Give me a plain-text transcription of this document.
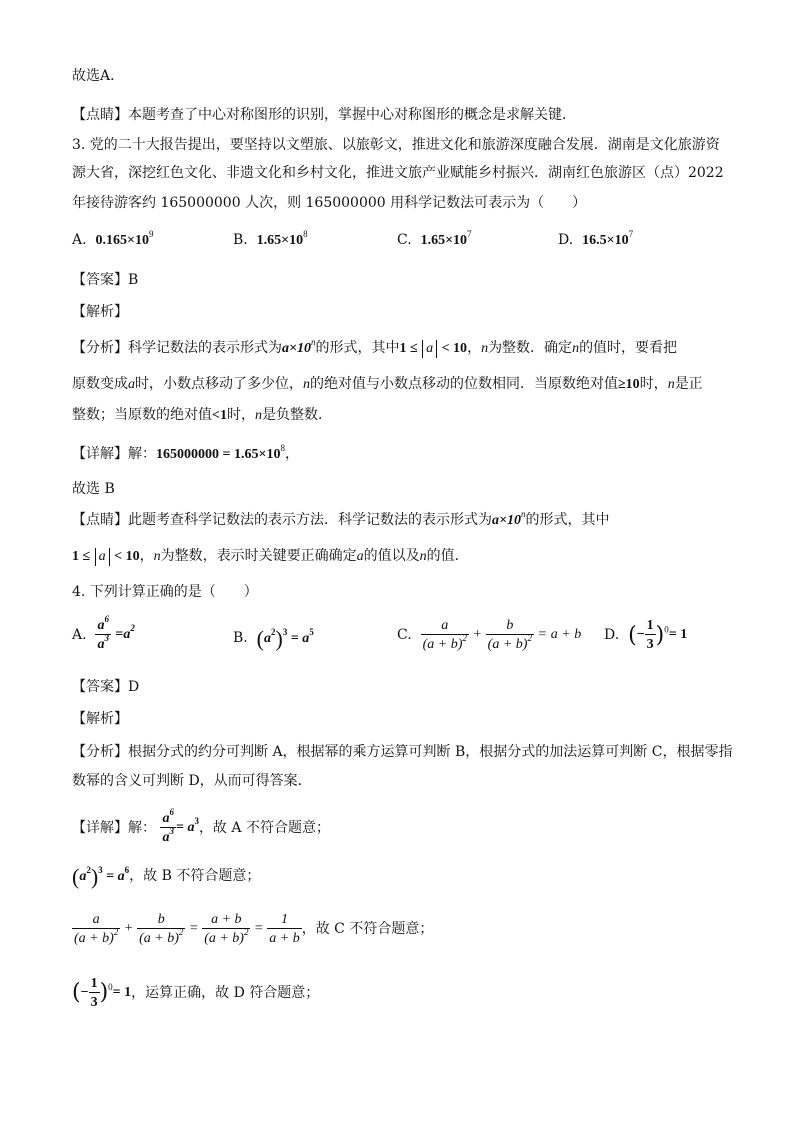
故选A．
【点睛】本题考查了中心对称图形的识别，掌握中心对称图形的概念是求解关键．
3. 党的二十大报告提出，要坚持以文塑旅、以旅彰文，推进文化和旅游深度融合发展．湖南是文化旅游资
源大省，深挖红色文化、非遗文化和乡村文化，推进文旅产业赋能乡村振兴．湖南红色旅游区（点）2022
年接待游客约 165000000 人次，则 165000000 用科学记数法可表示为（　　）
A. $0.165\times 10^9$	B. $1.65\times 10^8$	C. $1.65\times 10^7$	D. $16.5\times 10^7$
【答案】B
【解析】
【分析】科学记数法的表示形式为$a\times 10^n$的形式，其中1 ≤ a < 10，n为整数．确定n的值时，要看把
原数变成a时，小数点移动了多少位，n的绝对值与小数点移动的位数相同．当原数绝对值≥10时，n是正
整数；当原数的绝对值<1时，n是负整数．
【详解】解：$165000000 = 1.65\times 10^8$，
故选 B
【点睛】此题考查科学记数法的表示方法．科学记数法的表示形式为$a\times 10^n$的形式，其中
1 ≤ a < 10，n为整数，表示时关键要正确确定a的值以及n的值．
4. 下列计算正确的是（　　）
A. $\frac{a^6}{a^3} =a^2$
B. $(a^2)^3 = a^5$	C. $\frac{a}{(a + b)^2} + \frac{b}{(a + b)^2} = a + b$ D. (− $\frac{1}{3} )^0= 1$
【答案】D
【解析】
【分析】根据分式的约分可判断 A，根据幂的乘方运算可判断 B，根据分式的加法运算可判断 C，根据零指
数幂的含义可判断 D，从而可得答案．
【详解】解： $\frac{a^6}{a^3} = a^3$，故 A 不符合题意；
$(a^2)^3 = a^6$，故 B 不符合题意；
$\frac{a}{(a + b)^2} + \frac{b}{(a + b)^2} = \frac{a + b}{(a + b)^2} = \frac{1}{a + b}$ ，故 C 不符合题意；
(− $\frac{1}{3} )^0= 1$，运算正确，故 D 符合题意；
